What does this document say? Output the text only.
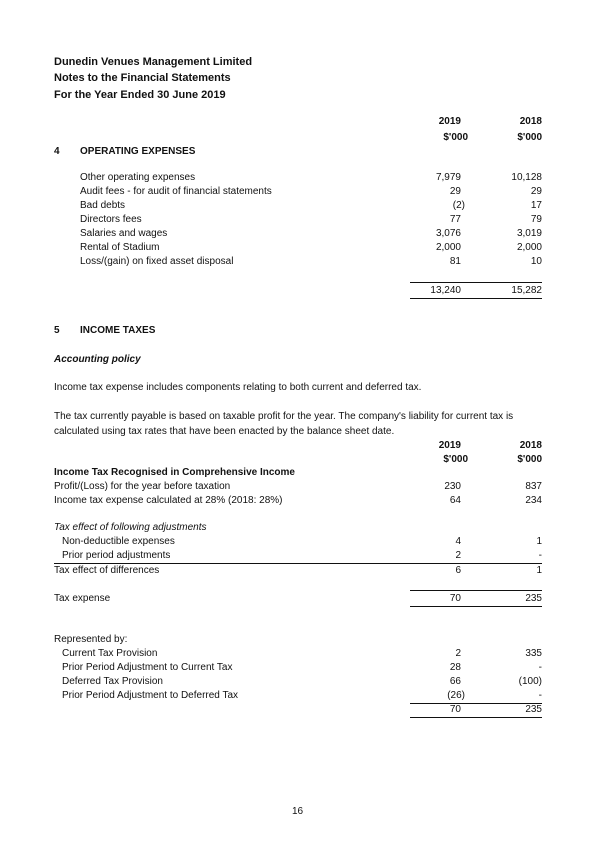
Dunedin Venues Management Limited
Notes to the Financial Statements
For the Year Ended 30 June 2019
2019	2018
$'000	$'000
4 OPERATING EXPENSES
Other operating expenses	7,979	10,128
Audit fees - for audit of financial statements	29	29
Bad debts	(2)	17
Directors fees	77	79
Salaries and wages	3,076	3,019
Rental of Stadium	2,000	2,000
Loss/(gain) on fixed asset disposal	81	10
13,240	15,282
5 INCOME TAXES
Accounting policy
Income tax expense includes components relating to both current and deferred tax.
The tax currently payable is based on taxable profit for the year. The company's liability for current tax is
calculated using tax rates that have been enacted by the balance sheet date.
2019	2018
$'000	$'000
Income Tax Recognised in Comprehensive Income
Profit/(Loss) for the year before taxation	230	837
Income tax expense calculated at 28% (2018: 28%)	64	234
Tax effect of following adjustments
Non-deductible expenses	4	1
Prior period adjustments	2	-
Tax effect of differences	6	1
Tax expense	70	235
Represented by:
Current Tax Provision	2	335
Prior Period Adjustment to Current Tax	28	-
Deferred Tax Provision	66	(100)
Prior Period Adjustment to Deferred Tax	(26)	-
70	235
16
